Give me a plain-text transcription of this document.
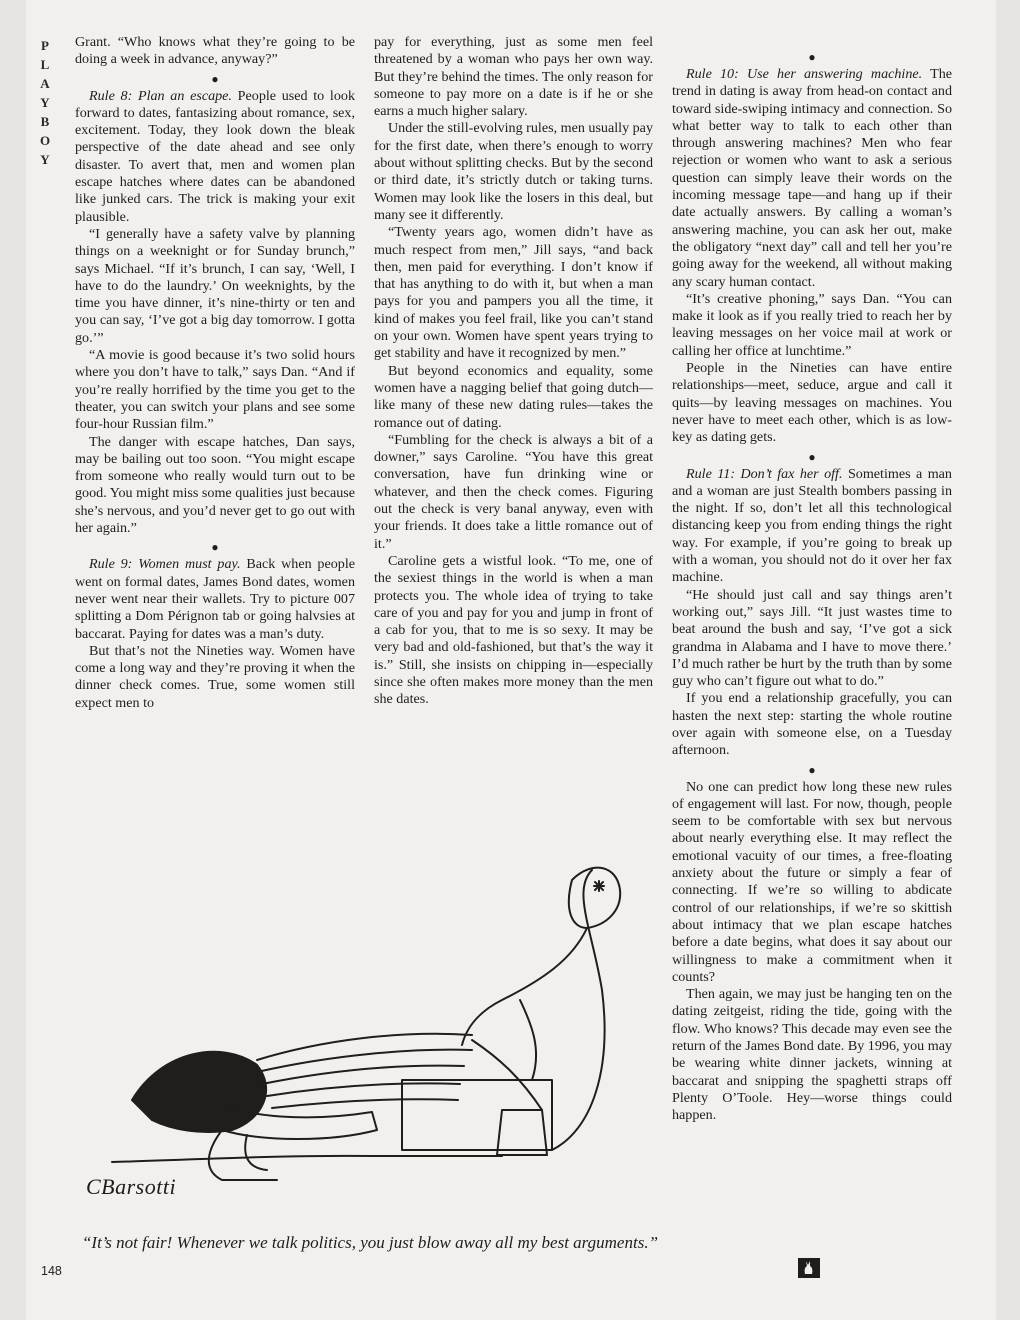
P
L
A
Y
B
O
Y

Grant. “Who knows what they’re going to be doing a week in advance, anyway?”

●

Rule 8: Plan an escape. People used to look forward to dates, fantasizing about romance, sex, excitement. Today, they look down the bleak perspective of the date ahead and see only disaster. To avert that, men and women plan escape hatches where dates can be abandoned like junked cars. The trick is making your exit plausible.

“I generally have a safety valve by planning things on a weeknight or for Sunday brunch,” says Michael. “If it’s brunch, I can say, ‘Well, I have to do the laundry.’ On weeknights, by the time you have dinner, it’s nine-thirty or ten and you can say, ‘I’ve got a big day tomorrow. I gotta go.’”

“A movie is good because it’s two solid hours where you don’t have to talk,” says Dan. “And if you’re really horrified by the time you get to the theater, you can switch your plans and see some four-hour Russian film.”

The danger with escape hatches, Dan says, may be bailing out too soon. “You might escape from someone who really would turn out to be good. You might miss some qualities just because she’s nervous, and you’d never get to go out with her again.”

●

Rule 9: Women must pay. Back when people went on formal dates, James Bond dates, women never went near their wallets. Try to picture 007 splitting a Dom Pérignon tab or going halvsies at baccarat. Paying for dates was a man’s duty.

But that’s not the Nineties way. Women have come a long way and they’re proving it when the dinner check comes. True, some women still expect men to

pay for everything, just as some men feel threatened by a woman who pays her own way. But they’re behind the times. The only reason for someone to pay more on a date is if he or she earns a much higher salary.

Under the still-evolving rules, men usually pay for the first date, when there’s enough to worry about without splitting checks. But by the second or third date, it’s strictly dutch or taking turns. Women may look like the losers in this deal, but many see it differently.

“Twenty years ago, women didn’t have as much respect from men,” Jill says, “and back then, men paid for everything. I don’t know if that has anything to do with it, but when a man pays for you and pampers you all the time, it kind of makes you feel frail, like you can’t stand on your own. Women have spent years trying to get stability and have it recognized by men.”

But beyond economics and equality, some women have a nagging belief that going dutch—like many of these new dating rules—takes the romance out of dating.

“Fumbling for the check is always a bit of a downer,” says Caroline. “You have this great conversation, have fun drinking wine or whatever, and then the check comes. Figuring out the check is very banal anyway, even with your friends. It does take a little romance out of it.”

Caroline gets a wistful look. “To me, one of the sexiest things in the world is when a man protects you. The whole idea of trying to take care of you and pay for you and jump in front of a cab for you, that to me is so sexy. It may be very bad and old-fashioned, but that’s the way it is.” Still, she insists on chipping in—especially since she often makes more money than the men she dates.

●

Rule 10: Use her answering machine. The trend in dating is away from head-on contact and toward side-swiping intimacy and connection. So what better way to talk to each other than through answering machines? Men who fear rejection or women who want to ask a serious question can simply leave their words on the incoming message tape—and hang up if their date actually answers. By calling a woman’s answering machine, you can ask her out, make the obligatory “next day” call and tell her you’re going away for the weekend, all without making any scary human contact.

“It’s creative phoning,” says Dan. “You can make it look as if you really tried to reach her by leaving messages on her voice mail at work or calling her office at lunchtime.”

People in the Nineties can have entire relationships—meet, seduce, argue and call it quits—by leaving messages on machines. You never have to meet each other, which is as low-key as dating gets.

●

Rule 11: Don’t fax her off. Sometimes a man and a woman are just Stealth bombers passing in the night. If so, don’t let all this technological distancing keep you from ending things the right way. For example, if you’re going to break up with a woman, you should not do it over her fax machine.

“He should just call and say things aren’t working out,” says Jill. “It just wastes time to beat around the bush and say, ‘I’ve got a sick grandma in Alabama and I have to move there.’ I’d much rather be hurt by the truth than by some guy who can’t figure out what to do.”

If you end a relationship gracefully, you can hasten the next step: starting the whole routine over again with someone else, on a Tuesday afternoon.

●

No one can predict how long these new rules of engagement will last. For now, though, people seem to be comfortable with sex but nervous about nearly everything else. It may reflect the emotional vacuity of our times, a free-floating anxiety about the future or simply a fear of connecting. If we’re so willing to abdicate control of our relationships, if we’re so skittish about intimacy that we plan escape hatches before a date begins, what does it say about our willingness to make a commitment when it counts?

Then again, we may just be hanging ten on the dating zeitgeist, riding the tide, going with the flow. Who knows? This decade may even see the return of the James Bond date. By 1996, you may be wearing white dinner jackets, winning at baccarat and snipping the spaghetti straps off Plenty O’Toole. Hey—worse things could happen.

CBarsotti
“It’s not fair! Whenever we talk politics, you just blow away all my best arguments.”
148
